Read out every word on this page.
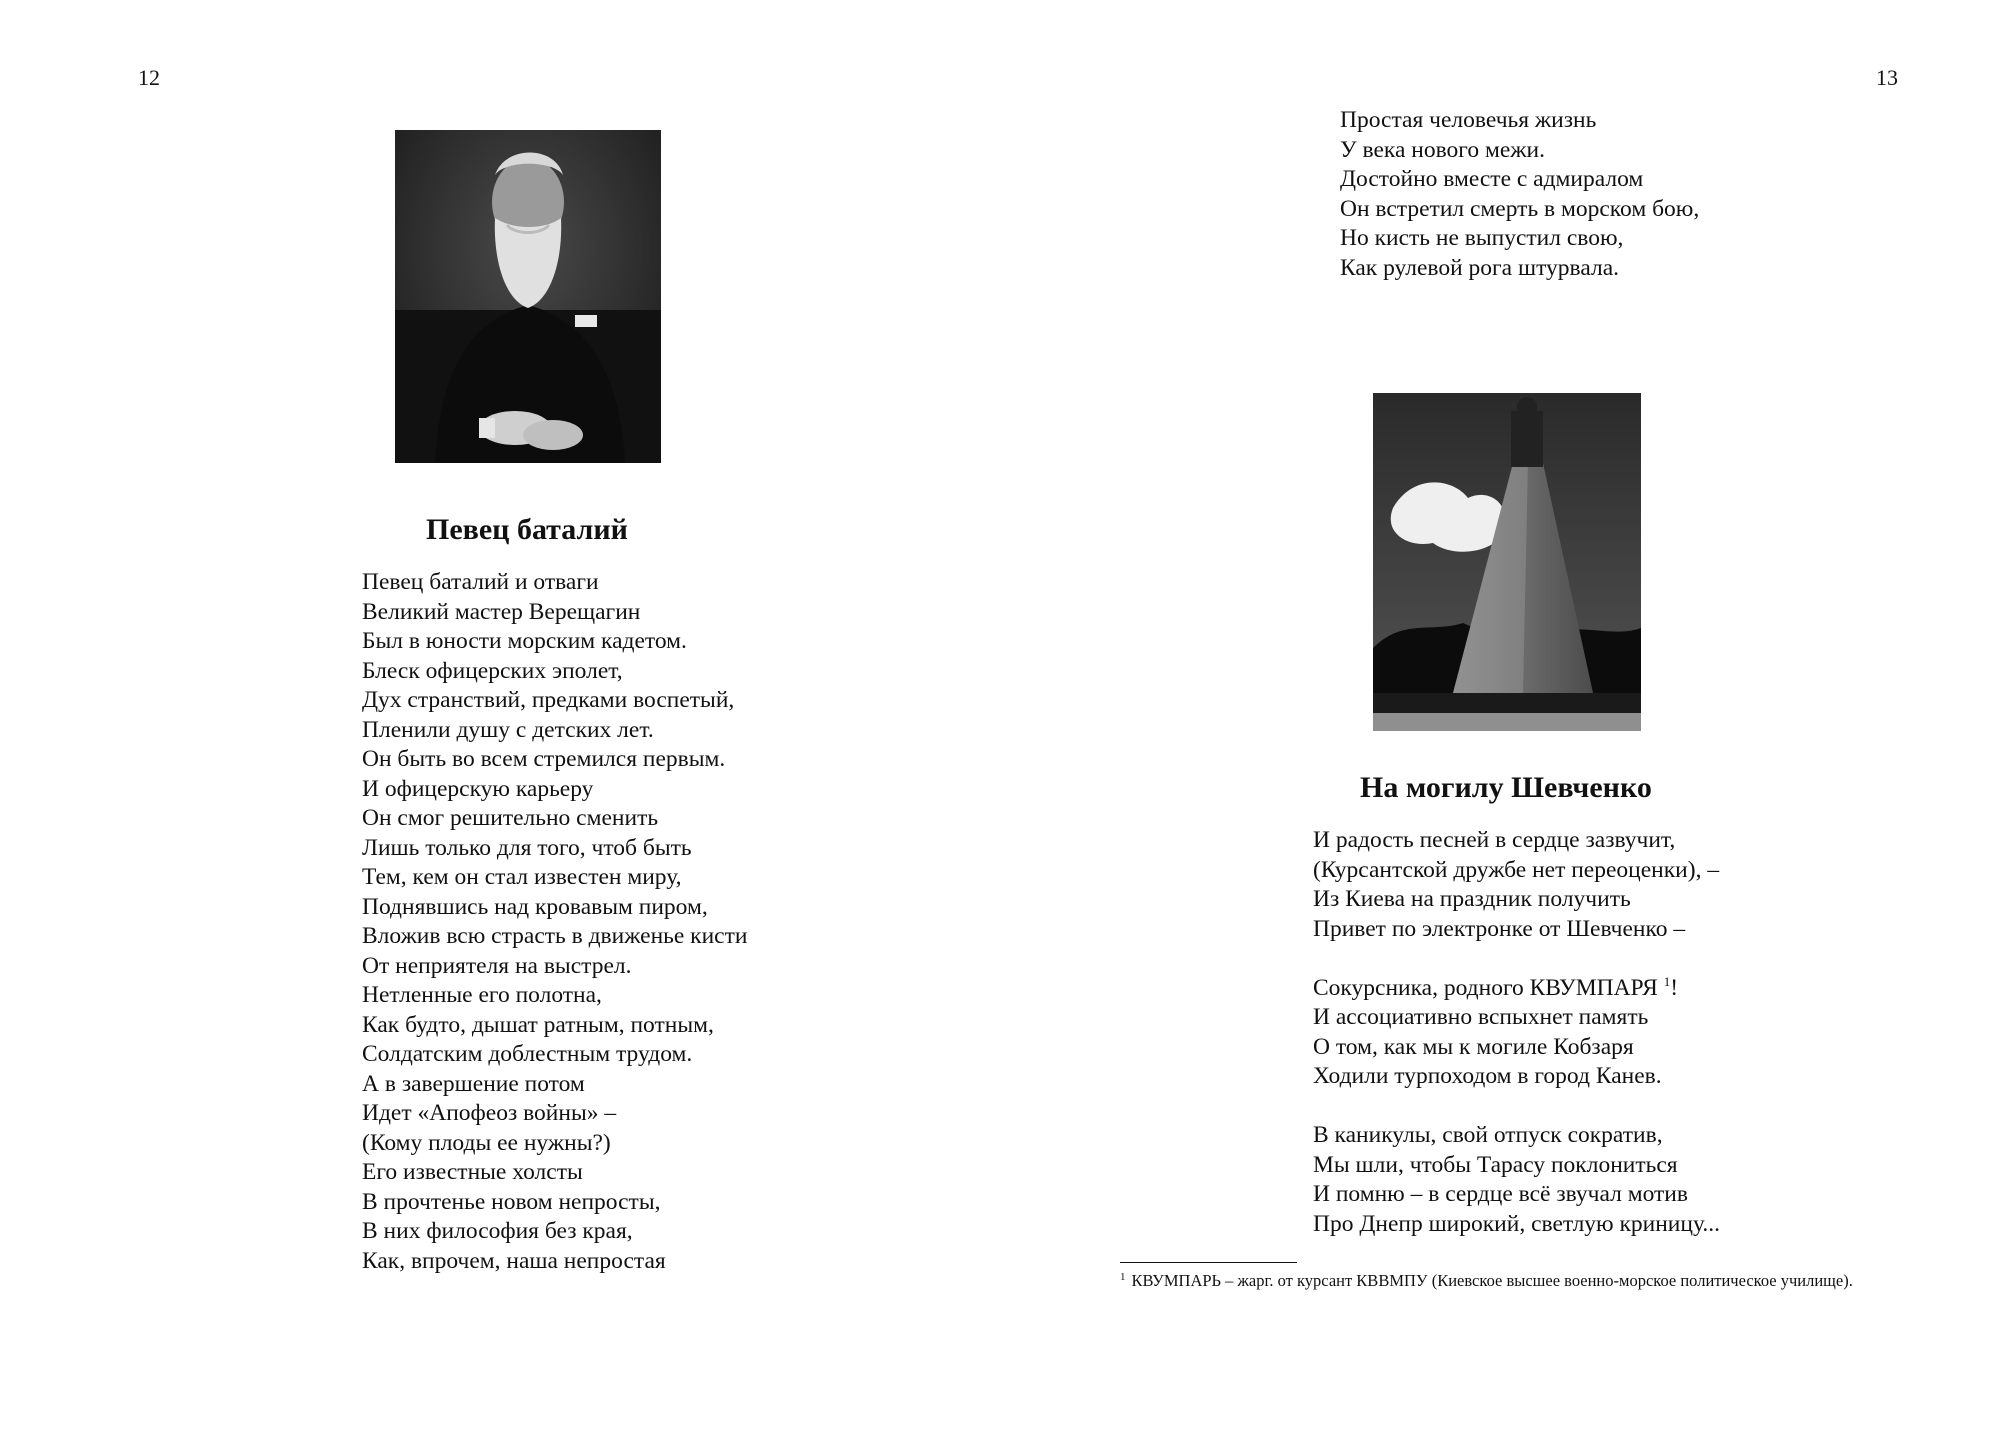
12
Певец баталий
Певец баталий и отваги
Великий мастер Верещагин
Был в юности морским кадетом.
Блеск офицерских эполет,
Дух странствий, предками воспетый,
Пленили душу с детских лет.
Он быть во всем стремился первым.
И офицерскую карьеру
Он смог решительно сменить
Лишь только для того, чтоб быть
Тем, кем он стал известен миру,
Поднявшись над кровавым пиром,
Вложив всю страсть в движенье кисти
От неприятеля на выстрел.
Нетленные его полотна,
Как будто, дышат ратным, потным,
Солдатским доблестным трудом.
А в завершение потом
Идет «Апофеоз войны» –
(Кому плоды ее нужны?)
Его известные холсты
В прочтенье новом непросты,
В них философия без края,
Как, впрочем, наша непростая
13
Простая человечья жизнь
У века нового межи.
Достойно вместе с адмиралом
Он встретил смерть в морском бою,
Но кисть не выпустил свою,
Как рулевой рога штурвала.
На могилу Шевченко
И радость песней в сердце зазвучит,
(Курсантской дружбе нет переоценки), –
Из Киева на праздник получить
Привет по электронке от Шевченко –
Сокурсника, родного КВУМПАРЯ $^1$!
И ассоциативно вспыхнет память
О том, как мы к могиле Кобзаря
Ходили турпоходом в город Канев.
В каникулы, свой отпуск сократив,
Мы шли, чтобы Тарасу поклониться
И помню – в сердце всё звучал мотив
Про Днепр широкий, светлую криницу...
$^1$ КВУМПАРЬ – жарг. от курсант КВВМПУ (Киевское высшее военно-морское политическое училище).
